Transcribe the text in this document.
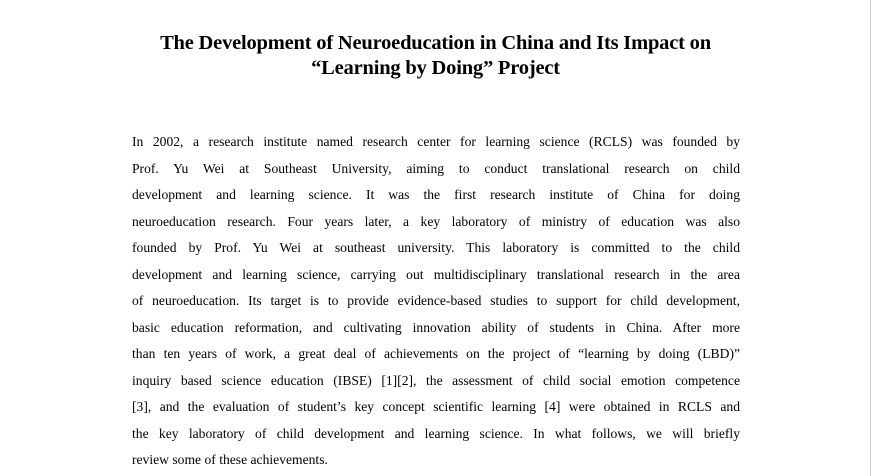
The Development of Neuroeducation in China and Its Impact on
“Learning by Doing” Project
In 2002, a research institute named research center for learning science (RCLS) was founded by
Prof. Yu Wei at Southeast University, aiming to conduct translational research on child
development and learning science. It was the first research institute of China for doing
neuroeducation research. Four years later, a key laboratory of ministry of education was also
founded by Prof. Yu Wei at southeast university. This laboratory is committed to the child
development and learning science, carrying out multidisciplinary translational research in the area
of neuroeducation. Its target is to provide evidence-based studies to support for child development,
basic education reformation, and cultivating innovation ability of students in China. After more
than ten years of work, a great deal of achievements on the project of “learning by doing (LBD)”
inquiry based science education (IBSE) [1][2], the assessment of child social emotion competence
[3], and the evaluation of student’s key concept scientific learning [4] were obtained in RCLS and
the key laboratory of child development and learning science. In what follows, we will briefly
review some of these achievements.
